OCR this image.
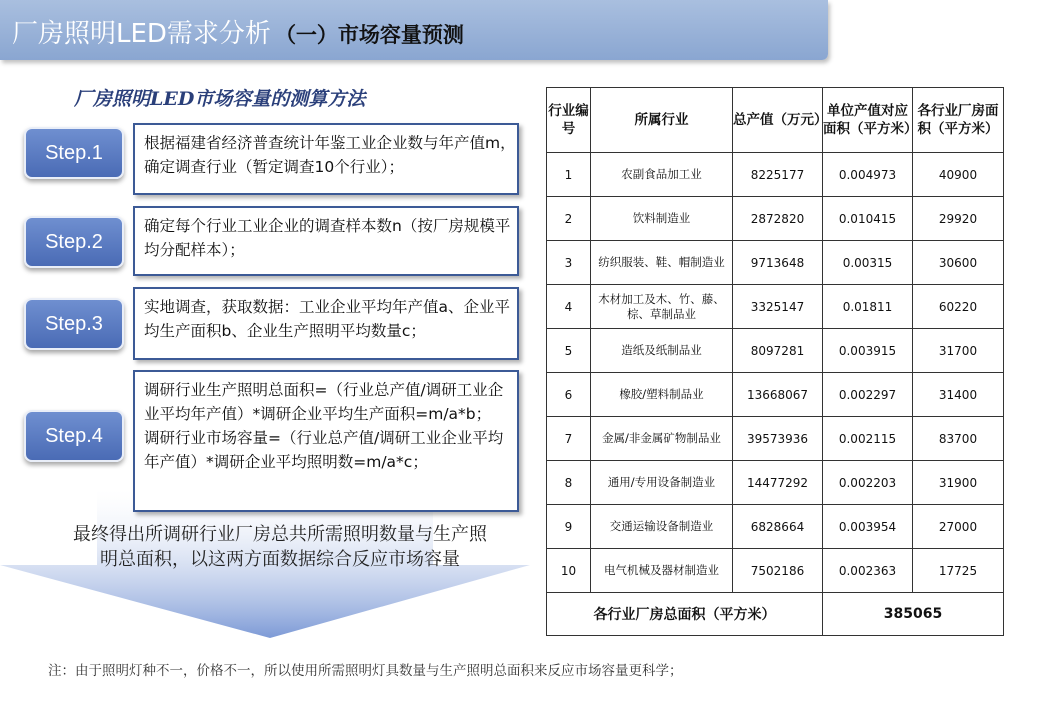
厂房照明LED需求分析 （一）市场容量预测
厂房照明LED市场容量的测算方法
Step.1	根据福建省经济普查统计年鉴工业企业数与年产值m，确定调查行业（暂定调查10个行业）；
Step.2
确定每个行业工业企业的调查样本数n（按厂房规模平均分配样本）；
Step.3
实地调查，获取数据：工业企业平均年产值a、企业平均生产面积b、企业生产照明平均数量c；
Step.4
调研行业生产照明总面积=（行业总产值/调研工业企业平均年产值）*调研企业平均生产面积=m/a*b；
调研行业市场容量=（行业总产值/调研工业企业平均年产值）*调研企业平均照明数=m/a*c；
最终得出所调研行业厂房总共所需照明数量与生产照明总面积，以这两方面数据综合反应市场容量
行业编号	所属行业	总产值（万元）	单位产值对应面积（平方米）	各行业厂房面积（平方米）
1	农副食品加工业	8225177	0.004973	40900
2	饮料制造业	2872820	0.010415	29920
3	纺织服装、鞋、帽制造业	9713648	0.00315	30600
4	木材加工及木、竹、藤、棕、草制品业	3325147	0.01811	60220
5	造纸及纸制品业	8097281	0.003915	31700
6	橡胶/塑料制品业	13668067	0.002297	31400
7	金属/非金属矿物制品业	39573936	0.002115	83700
8	通用/专用设备制造业	14477292	0.002203	31900
9	交通运输设备制造业	6828664	0.003954	27000
10	电气机械及器材制造业	7502186	0.002363	17725
各行业厂房总面积（平方米）			385065	
注：由于照明灯种不一，价格不一，所以使用所需照明灯具数量与生产照明总面积来反应市场容量更科学；
